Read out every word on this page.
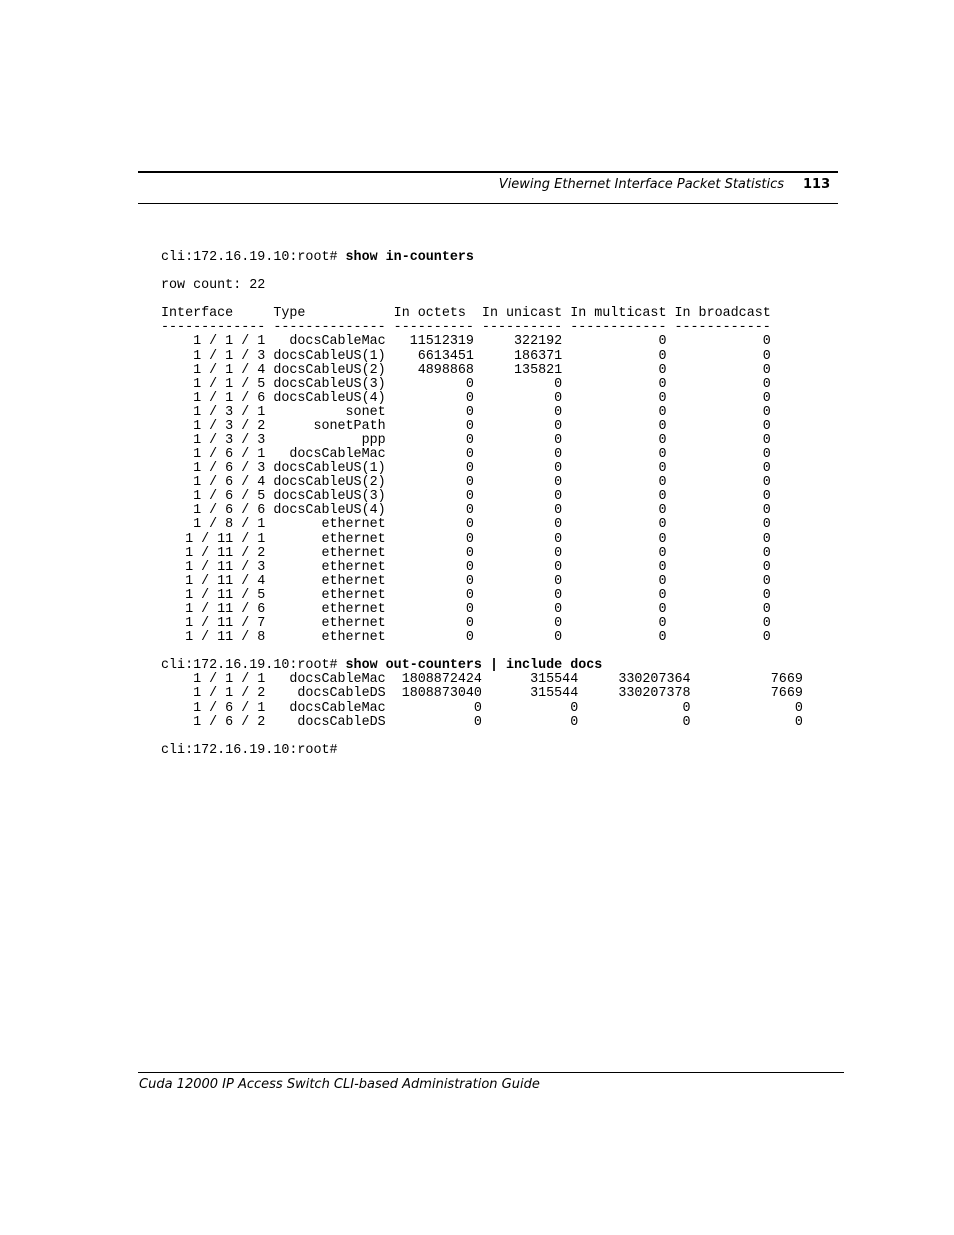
Viewing Ethernet Interface Packet Statistics 113
cli:172.16.19.10:root# show in-counters
row count: 22
Interface     Type           In octets  In unicast In multicast In broadcast
------------- -------------- ---------- ---------- ------------ ------------
1 / 1 / 1   docsCableMac   11512319     322192            0            0
1 / 1 / 3 docsCableUS(1)    6613451     186371            0            0
1 / 1 / 4 docsCableUS(2)    4898868     135821            0            0
1 / 1 / 5 docsCableUS(3)          0          0            0            0
1 / 1 / 6 docsCableUS(4)          0          0            0            0
1 / 3 / 1          sonet          0          0            0            0
1 / 3 / 2      sonetPath          0          0            0            0
1 / 3 / 3            ppp          0          0            0            0
1 / 6 / 1   docsCableMac          0          0            0            0
1 / 6 / 3 docsCableUS(1)          0          0            0            0
1 / 6 / 4 docsCableUS(2)          0          0            0            0
1 / 6 / 5 docsCableUS(3)          0          0            0            0
1 / 6 / 6 docsCableUS(4)          0          0            0            0
1 / 8 / 1       ethernet          0          0            0            0
1 / 11 / 1       ethernet          0          0            0            0
1 / 11 / 2       ethernet          0          0            0            0
1 / 11 / 3       ethernet          0          0            0            0
1 / 11 / 4       ethernet          0          0            0            0
1 / 11 / 5       ethernet          0          0            0            0
1 / 11 / 6       ethernet          0          0            0            0
1 / 11 / 7       ethernet          0          0            0            0
1 / 11 / 8       ethernet          0          0            0            0
cli:172.16.19.10:root# show out-counters | include docs
1 / 1 / 1   docsCableMac  1808872424      315544     330207364          7669
1 / 1 / 2    docsCableDS  1808873040      315544     330207378          7669
1 / 6 / 1   docsCableMac           0           0             0             0
1 / 6 / 2    docsCableDS           0           0             0             0
cli:172.16.19.10:root#
Cuda 12000 IP Access Switch CLI-based Administration Guide
